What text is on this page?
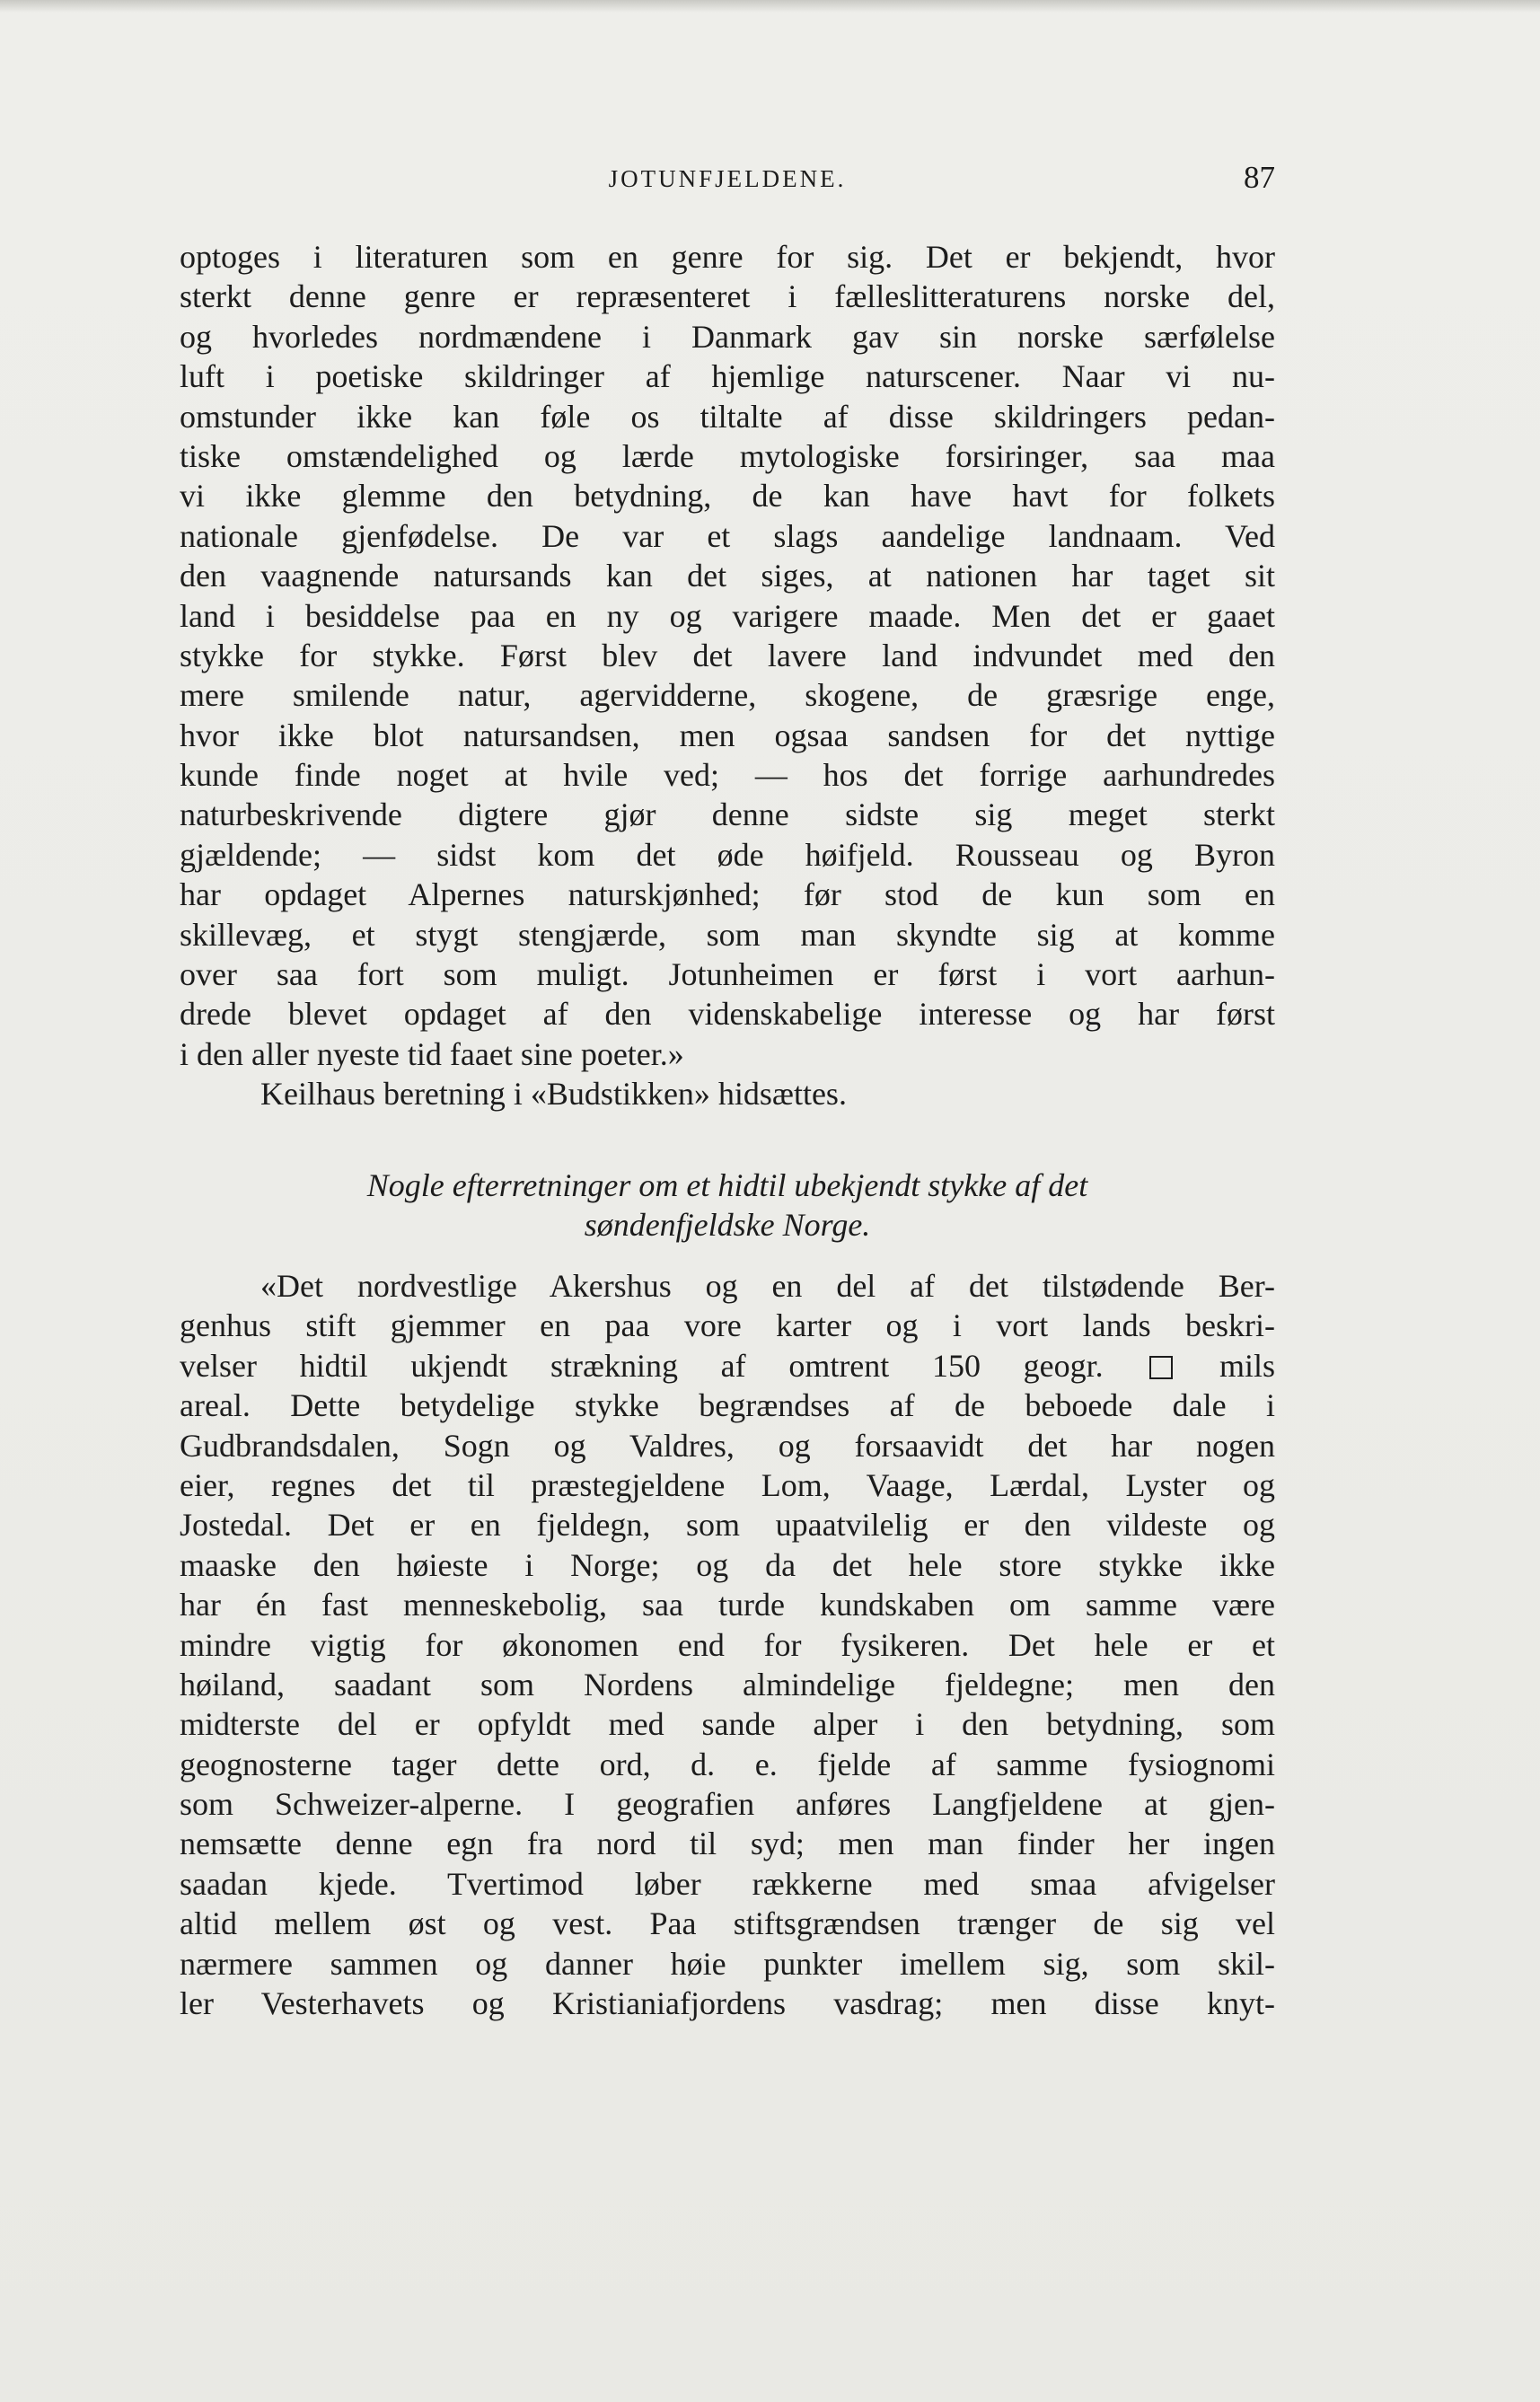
JOTUNFJELDENE.	87
optoges i literaturen som en genre for sig. Det er bekjendt, hvor
sterkt denne genre er repræsenteret i fælleslitteraturens norske del,
og hvorledes nordmændene i Danmark gav sin norske særfølelse
luft i poetiske skildringer af hjemlige naturscener. Naar vi nu-
omstunder ikke kan føle os tiltalte af disse skildringers pedan-
tiske omstændelighed og lærde mytologiske forsiringer, saa maa
vi ikke glemme den betydning, de kan have havt for folkets
nationale gjenfødelse. De var et slags aandelige landnaam. Ved
den vaagnende natursands kan det siges, at nationen har taget sit
land i besiddelse paa en ny og varigere maade. Men det er gaaet
stykke for stykke. Først blev det lavere land indvundet med den
mere smilende natur, agervidderne, skogene, de græsrige enge,
hvor ikke blot natursandsen, men ogsaa sandsen for det nyttige
kunde finde noget at hvile ved; — hos det forrige aarhundredes
naturbeskrivende digtere gjør denne sidste sig meget sterkt
gjældende; — sidst kom det øde høifjeld. Rousseau og Byron
har opdaget Alpernes naturskjønhed; før stod de kun som en
skillevæg, et stygt stengjærde, som man skyndte sig at komme
over saa fort som muligt. Jotunheimen er først i vort aarhun-
drede blevet opdaget af den videnskabelige interesse og har først
i den aller nyeste tid faaet sine poeter.»
Keilhaus beretning i «Budstikken» hidsættes.
Nogle efterretninger om et hidtil ubekjendt stykke af det
søndenfjeldske Norge.
«Det nordvestlige Akershus og en del af det tilstødende Ber-
genhus stift gjemmer en paa vore karter og i vort lands beskri-
velser hidtil ukjendt strækning af omtrent 150 geogr.	mils
areal. Dette betydelige stykke begrændses af de beboede dale i
Gudbrandsdalen, Sogn og Valdres, og forsaavidt det har nogen
eier, regnes det til præstegjeldene Lom, Vaage, Lærdal, Lyster og
Jostedal. Det er en fjeldegn, som upaatvilelig er den vildeste og
maaske den høieste i Norge; og da det hele store stykke ikke
har én fast menneskebolig, saa turde kundskaben om samme være
mindre vigtig for økonomen end for fysikeren. Det hele er et
høiland, saadant som Nordens almindelige fjeldegne; men den
midterste del er opfyldt med sande alper i den betydning, som
geognosterne tager dette ord, d. e. fjelde af samme fysiognomi
som Schweizer-alperne. I geografien anføres Langfjeldene at gjen-
nemsætte denne egn fra nord til syd; men man finder her ingen
saadan kjede. Tvertimod løber rækkerne med smaa afvigelser
altid mellem øst og vest. Paa stiftsgrændsen trænger de sig vel
nærmere sammen og danner høie punkter imellem sig, som skil-
ler Vesterhavets og Kristianiafjordens vasdrag; men disse knyt-
